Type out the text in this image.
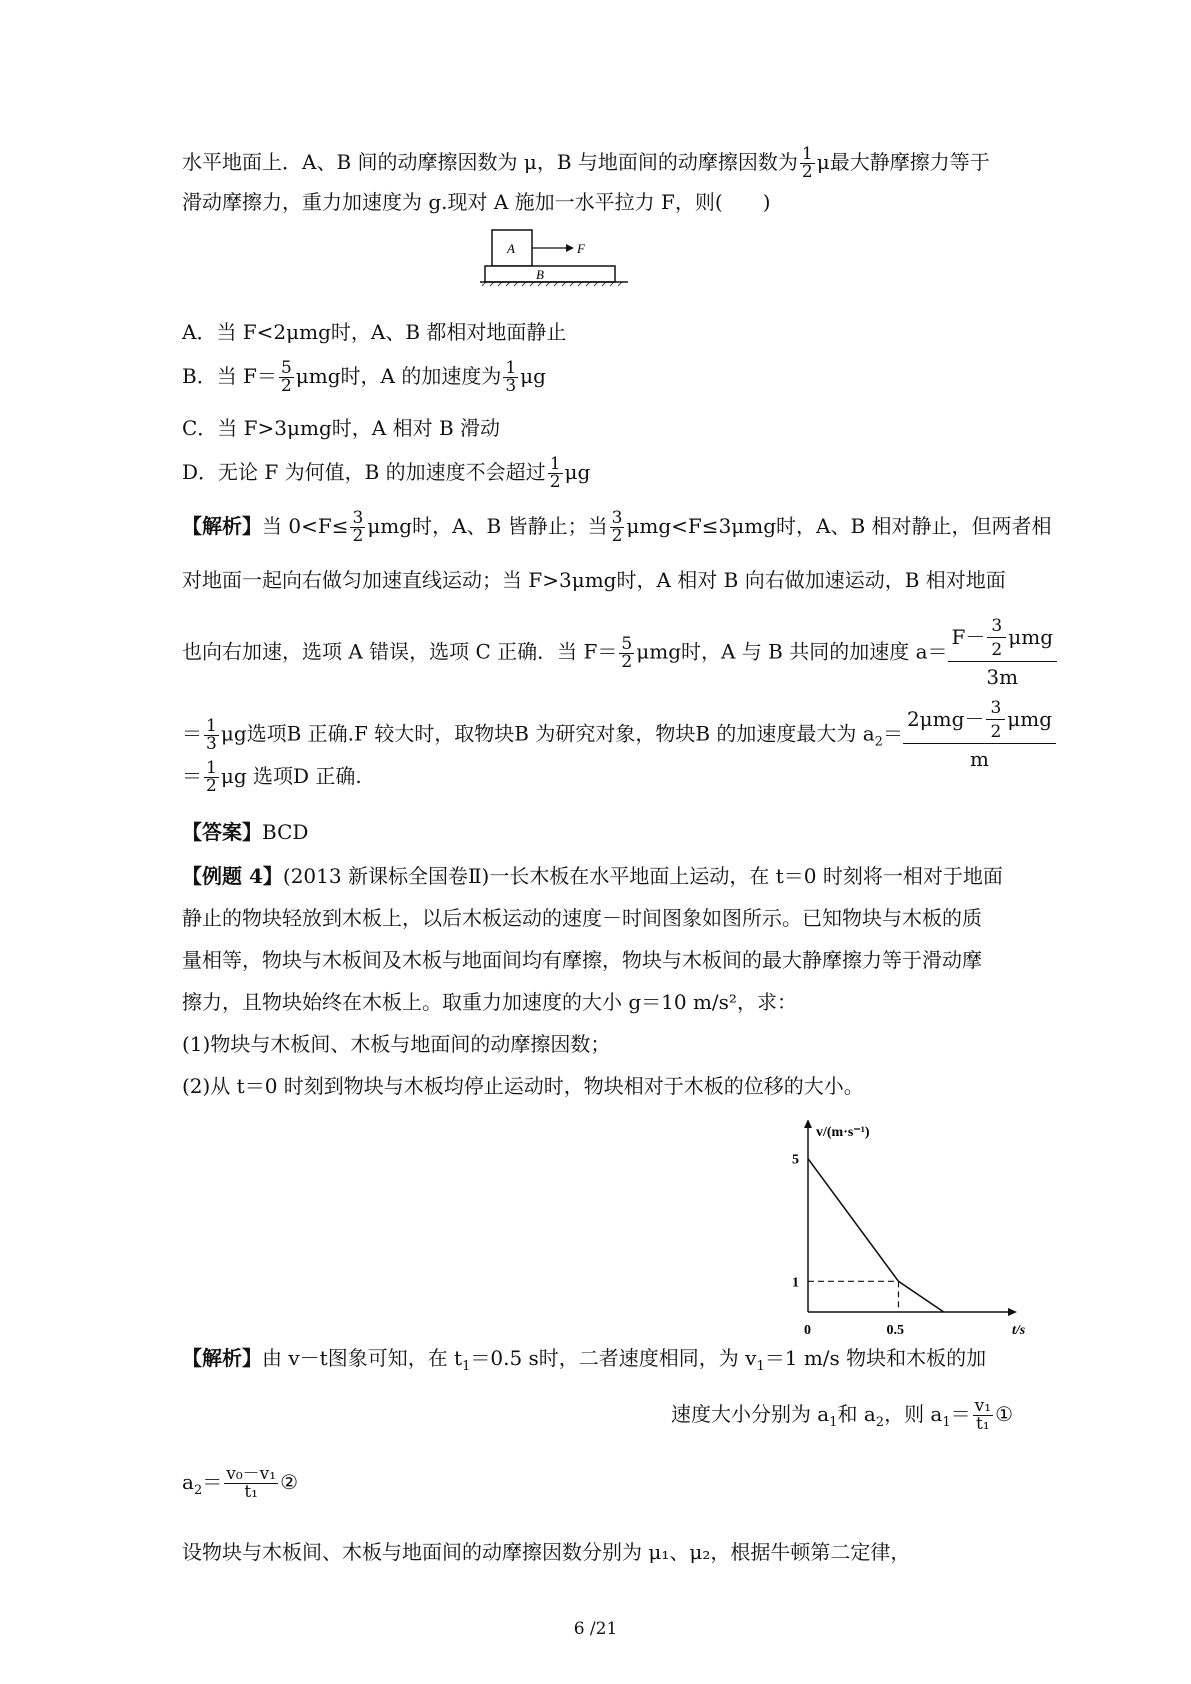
水平地面上．A、B 间的动摩擦因数为 μ，B 与地面间的动摩擦因数为 $\frac{1}{2}$ μ最大静摩擦力等于
滑动摩擦力，重力加速度为 g.现对 A 施加一水平拉力 F，则(　　)
A	F
B
A．当 F<2μmg时，A、B 都相对地面静止
B．当 $F= \frac{5}{2}$ μmg时，A 的加速度为 $\frac{1}{3}$ μg
C．当 F>3μmg时，A 相对 B 滑动
D．无论 F 为何值，B 的加速度不会超过 $\frac{1}{2}$ μg
【解析】当 $0<F\le \frac{3}{2}$ μmg时，A、B 皆静止；当 $\frac{3}{2} \mu mg<F\le 3\mu mg$时，A、B 相对静止，但两者相
对地面一起向右做匀加速直线运动；当 F>3μmg时，A 相对 B 向右做加速运动，B 相对地面
也向右加速，选项 A 错误，选项 C 正确．当 $F= \frac{5}{2}$ μmg时，A 与 B 共同的加速度 a＝
$F- \frac{3}{2}$ μmg
3m
＝ $\frac{1}{3}$ μg选项B 正确.F 较大时，取物块B 为研究对象，物块B 的加速度最大为 $a_2=$
$2\mu mg- \frac{3}{2}$ μmg
m
＝ $\frac{1}{2}$ μg 选项D 正确.
【答案】BCD
【例题 4】(2013 新课标全国卷Ⅱ)一长木板在水平地面上运动，在 t＝0 时刻将一相对于地面
静止的物块轻放到木板上，以后木板运动的速度－时间图象如图所示。已知物块与木板的质
量相等，物块与木板间及木板与地面间均有摩擦，物块与木板间的最大静摩擦力等于滑动摩
擦力，且物块始终在木板上。取重力加速度的大小 g＝10 m/s²，求：
(1)物块与木板间、木板与地面间的动摩擦因数；
(2)从 t＝0 时刻到物块与木板均停止运动时，物块相对于木板的位移的大小。
v/(m·s⁻¹)
t/s
0	0.5
1
5
【解析】由 v－t图象可知，在 $t_1=0.5$ s时，二者速度相同，为 $v_1=1$ m/s 物块和木板的加
速度大小分别为 $a_1$和 $a_2$，则 $a_1= \frac{\text{v₁}}{\text{t₁}}$ ①
$a_2= \frac{\text{v₀－v₁}}{\text{t₁}}$ ②
设物块与木板间、木板与地面间的动摩擦因数分别为 μ₁、μ₂，根据牛顿第二定律，
6 /21
